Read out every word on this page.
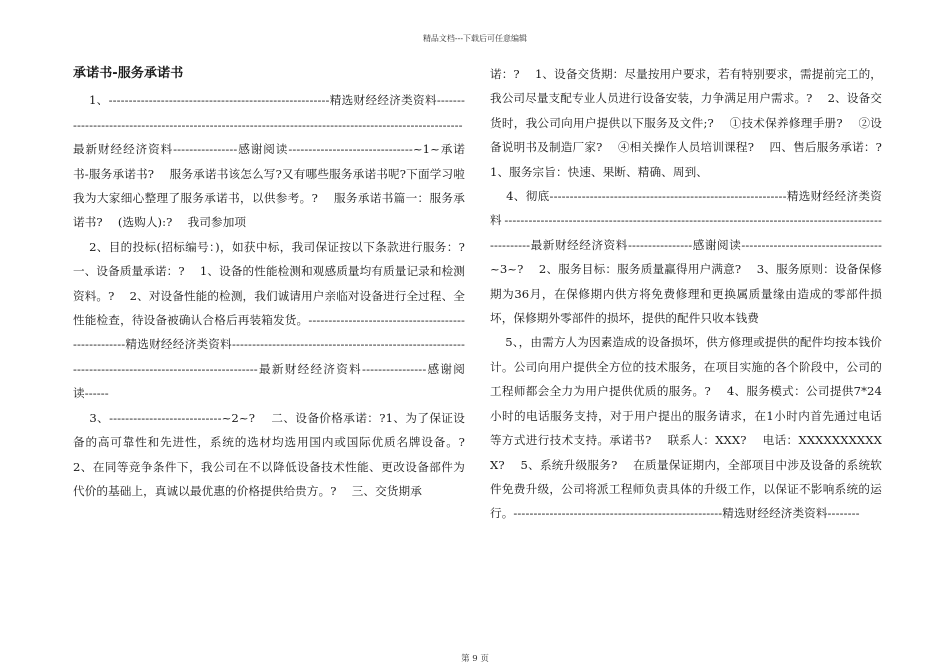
精品文档---下载后可任意编辑
承诺书-服务承诺书

1、-------------------------------------------------------精选财经经济类资料--------------------------------------------------------------------------------------------------------最新财经经济资料----------------感谢阅读-------------------------------~1~承诺书-服务承诺书?    服务承诺书该怎么写?又有哪些服务承诺书呢?下面学习啦我为大家细心整理了服务承诺书，以供参考。?    服务承诺书篇一：服务承诺书?    (选购人):?    我司参加项

2、目的投标(招标编号：)，如获中标，我司保证按以下条款进行服务：?一、设备质量承诺：?    1、设备的性能检测和观感质量均有质量记录和检测资料。?    2、对设备性能的检测，我们诚请用户亲临对设备进行全过程、全性能检查，待设备被确认合格后再装箱发货。----------------------------------------------------精选财经经济类资料--------------------------------------------------------------------------------------------------------最新财经经济资料----------------感谢阅读------

3、----------------------------~2~?    二、设备价格承诺：?1、为了保证设备的高可靠性和先进性，系统的选材均选用国内或国际优质名牌设备。?    2、在同等竞争条件下，我公司在不以降低设备技术性能、更改设备部件为代价的基础上，真诚以最优惠的价格提供给贵方。?    三、交货期承

诺：?    1、设备交货期：尽量按用户要求，若有特别要求，需提前完工的，我公司尽量支配专业人员进行设备安装，力争满足用户需求。?    2、设备交货时，我公司向用户提供以下服务及文件;?    ①技术保养修理手册?    ②设备说明书及制造厂家?    ④相关操作人员培训课程?    四、售后服务承诺：?1、服务宗旨：快速、果断、精确、周到、

4、彻底-----------------------------------------------------------精选财经经济类资料--------------------------------------------------------------------------------------------------------最新财经经济资料----------------感谢阅读-----------------------------------~3~?    2、服务目标：服务质量赢得用户满意?    3、服务原则：设备保修期为36月，在保修期内供方将免费修理和更换属质量缘由造成的零部件损坏，保修期外零部件的损坏，提供的配件只收本钱费

5、，由需方人为因素造成的设备损坏，供方修理或提供的配件均按本钱价计。公司向用户提供全方位的技术服务，在项目实施的各个阶段中，公司的工程师都会全力为用户提供优质的服务。?    4、服务模式：公司提供7*24小时的电话服务支持，对于用户提出的服务请求，在1小时内首先通过电话等方式进行技术支持。承诺书?    联系人：XXX?    电话：XXXXXXXXXXX?    5、系统升级服务?    在质量保证期内，全部项目中涉及设备的系统软件免费升级，公司将派工程师负责具体的升级工作，以保证不影响系统的运行。----------------------------------------------------精选财经经济类资料--------

第 9 页
